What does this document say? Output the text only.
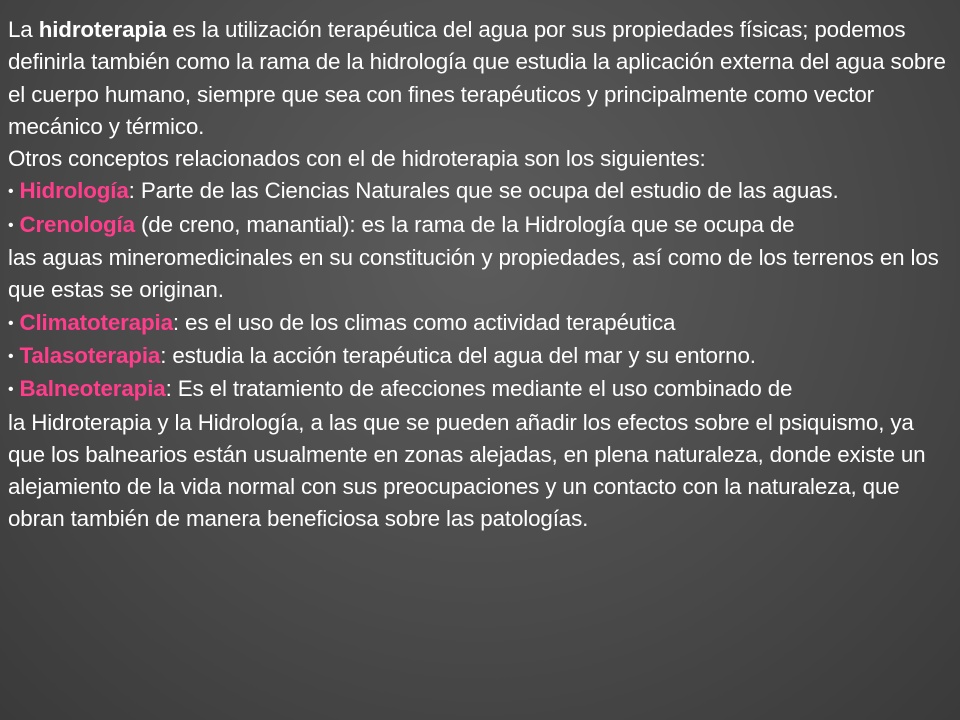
La hidroterapia es la utilización terapéutica del agua por sus propiedades físicas; podemos definirla también como la rama de la hidrología que estudia la aplicación externa del agua sobre el cuerpo humano, siempre que sea con fines terapéuticos y principalmente como vector mecánico y térmico.

Otros conceptos relacionados con el de hidroterapia son los siguientes:

• Hidrología: Parte de las Ciencias Naturales que se ocupa del estudio de las aguas.

• Crenología (de creno, manantial): es la rama de la Hidrología que se ocupa de

las aguas mineromedicinales en su constitución y propiedades, así como de los terrenos en los que estas se originan.

• Climatoterapia: es el uso de los climas como actividad terapéutica

• Talasoterapia: estudia la acción terapéutica del agua del mar y su entorno.

• Balneoterapia: Es el tratamiento de afecciones mediante el uso combinado de

la Hidroterapia y la Hidrología, a las que se pueden añadir los efectos sobre el psiquismo, ya que los balnearios están usualmente en zonas alejadas, en plena naturaleza, donde existe un alejamiento de la vida normal con sus preocupaciones y un contacto con la naturaleza, que obran también de manera beneficiosa sobre las patologías.
